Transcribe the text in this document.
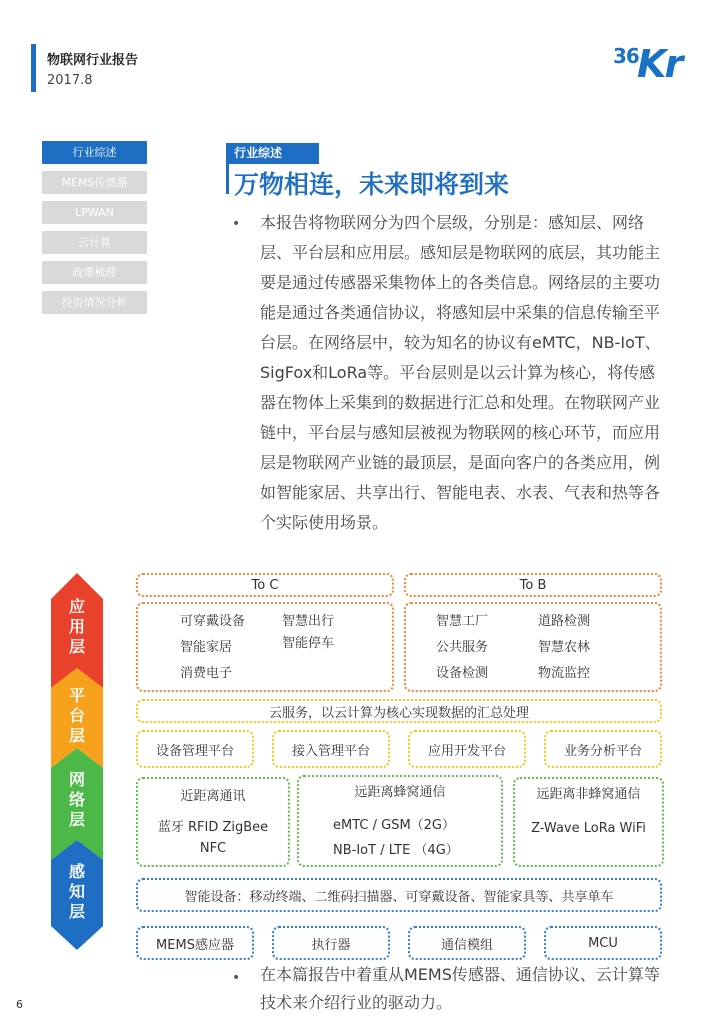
物联网行业报告
2017.8
36
Kr
行业综述
MEMS传感器
LPWAN
云计算
政策梳理
投资情况分析
行业综述
万物相连，未来即将到来
• 本报告将物联网分为四个层级，分别是：感知层、网络层、平台层和应用层。感知层是物联网的底层，其功能主要是通过传感器采集物体上的各类信息。网络层的主要功能是通过各类通信协议，将感知层中采集的信息传输至平台层。在网络层中，较为知名的协议有eMTC，NB-IoT、SigFox和LoRa等。平台层则是以云计算为核心，将传感器在物体上采集到的数据进行汇总和处理。在物联网产业链中，平台层与感知层被视为物联网的核心环节，而应用层是物联网产业链的最顶层，是面向客户的各类应用，例如智能家居、共享出行、智能电表、水表、气表和热等各个实际使用场景。
应
用
层
平
台
层
网
络
层
感
知
层
To C	To B
可穿戴设备	智慧出行
智能家居	智能停车
消费电子
智慧工厂	道路检测
公共服务	智慧农林
设备检测	物流监控
云服务，以云计算为核心实现数据的汇总处理
设备管理平台	接入管理平台	应用开发平台	业务分析平台
近距离通讯
蓝牙 RFID ZigBee
NFC
远距离蜂窝通信
eMTC / GSM（2G）
NB-IoT / LTE （4G）
远距离非蜂窝通信
Z-Wave LoRa WiFi
智能设备：移动终端、二维码扫描器、可穿戴设备、智能家具等、共享单车
MEMS感应器	执行器	通信模组	MCU
• 在本篇报告中着重从MEMS传感器、通信协议、云计算等技术来介绍行业的驱动力。
6
